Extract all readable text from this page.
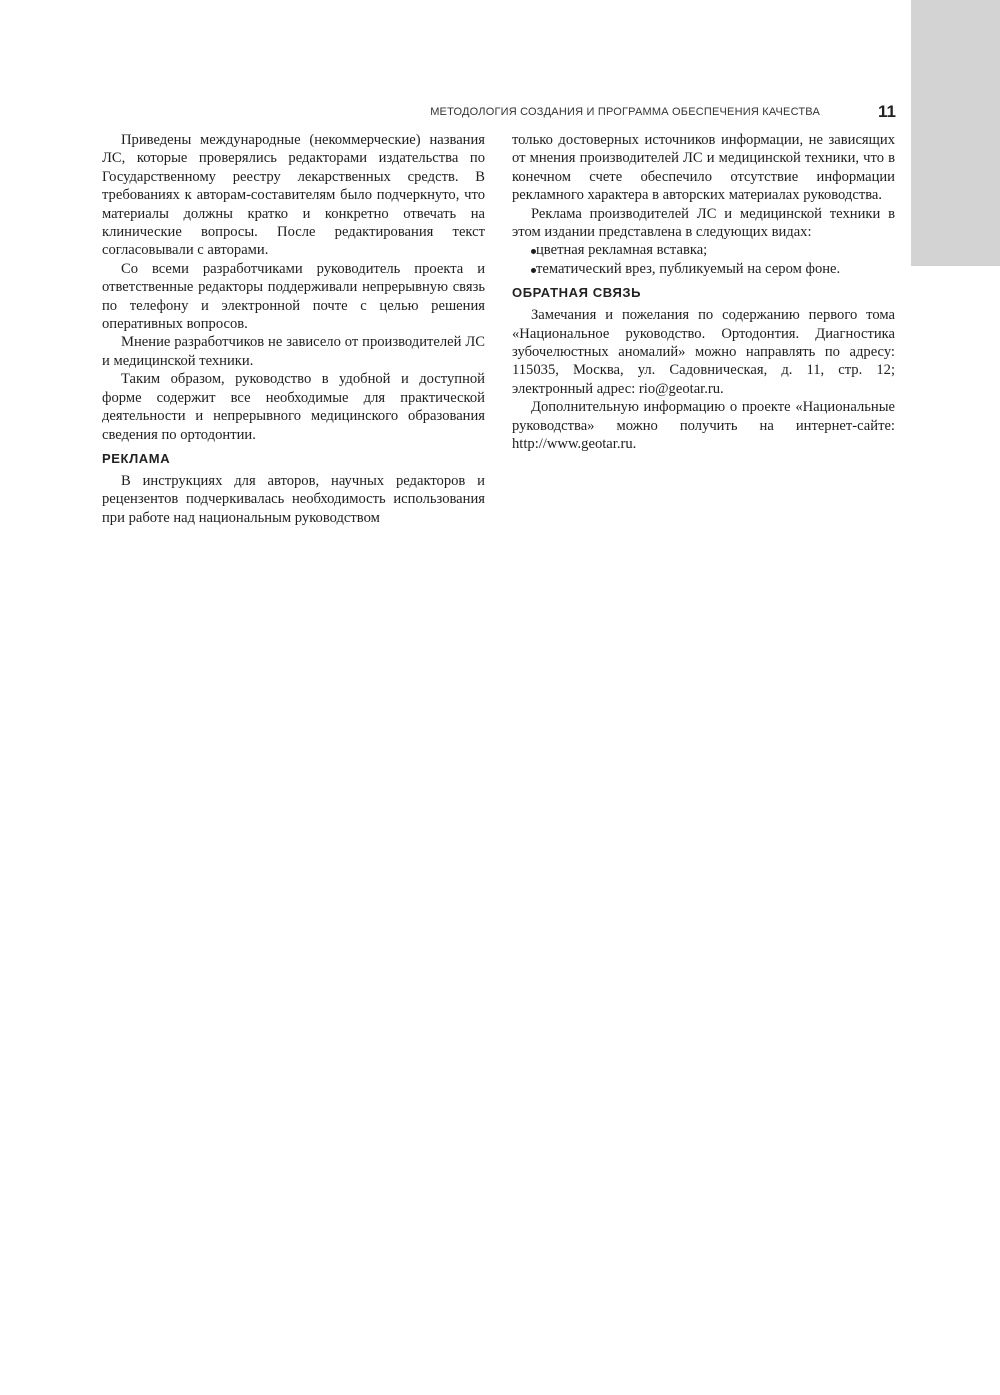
МЕТОДОЛОГИЯ СОЗДАНИЯ И ПРОГРАММА ОБЕСПЕЧЕНИЯ КАЧЕСТВА	11

Приведены международные (некоммерческие) названия ЛС, которые проверялись редакторами издательства по Государственному реестру лекарственных средств. В требованиях к авторам-составителям было подчеркнуто, что материалы должны кратко и конкретно отвечать на клинические вопросы. После редактирования текст согласовывали с авторами.

Со всеми разработчиками руководитель проекта и ответственные редакторы поддерживали непрерывную связь по телефону и электронной почте с целью решения оперативных вопросов.

Мнение разработчиков не зависело от производителей ЛС и медицинской техники.

Таким образом, руководство в удобной и доступной форме содержит все необходимые для практической деятельности и непрерывного медицинского образования сведения по ортодонтии.

РЕКЛАМА

В инструкциях для авторов, научных редакторов и рецензентов подчеркивалась необходимость использования при работе над национальным руководством

только достоверных источников информации, не зависящих от мнения производителей ЛС и медицинской техники, что в конечном счете обеспечило отсутствие информации рекламного характера в авторских материалах руководства.

Реклама производителей ЛС и медицинской техники в этом издании представлена в следующих видах:

цветная рекламная вставка;
тематический врез, публикуемый на сером фоне.
ОБРАТНАЯ СВЯЗЬ

Замечания и пожелания по содержанию первого тома «Национальное руководство. Ортодонтия. Диагностика зубочелюстных аномалий» можно направлять по адресу: 115035, Москва, ул. Садовническая, д. 11, стр. 12; электронный адрес: rio@geotar.ru.

Дополнительную информацию о проекте «Национальные руководства» можно получить на интернет-сайте: http://www.geotar.ru.
